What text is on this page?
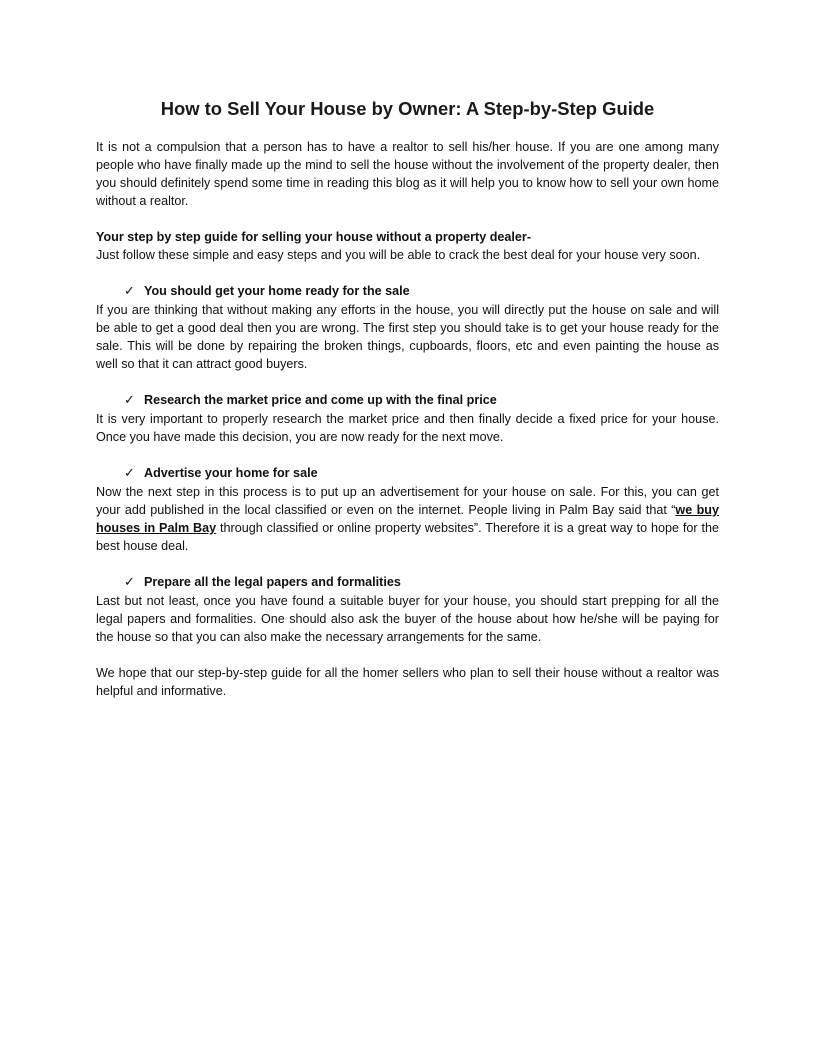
How to Sell Your House by Owner: A Step-by-Step Guide

It is not a compulsion that a person has to have a realtor to sell his/her house. If you are one among many people who have finally made up the mind to sell the house without the involvement of the property dealer, then you should definitely spend some time in reading this blog as it will help you to know how to sell your own home without a realtor.

Your step by step guide for selling your house without a property dealer-

Just follow these simple and easy steps and you will be able to crack the best deal for your house very soon.

✓ You should get your home ready for the sale

If you are thinking that without making any efforts in the house, you will directly put the house on sale and will be able to get a good deal then you are wrong. The first step you should take is to get your house ready for the sale. This will be done by repairing the broken things, cupboards, floors, etc and even painting the house as well so that it can attract good buyers.

✓ Research the market price and come up with the final price

It is very important to properly research the market price and then finally decide a fixed price for your house. Once you have made this decision, you are now ready for the next move.

✓ Advertise your home for sale

Now the next step in this process is to put up an advertisement for your house on sale. For this, you can get your add published in the local classified or even on the internet. People living in Palm Bay said that “we buy houses in Palm Bay through classified or online property websites”. Therefore it is a great way to hope for the best house deal.

✓ Prepare all the legal papers and formalities

Last but not least, once you have found a suitable buyer for your house, you should start prepping for all the legal papers and formalities. One should also ask the buyer of the house about how he/she will be paying for the house so that you can also make the necessary arrangements for the same.

We hope that our step-by-step guide for all the homer sellers who plan to sell their house without a realtor was helpful and informative.
